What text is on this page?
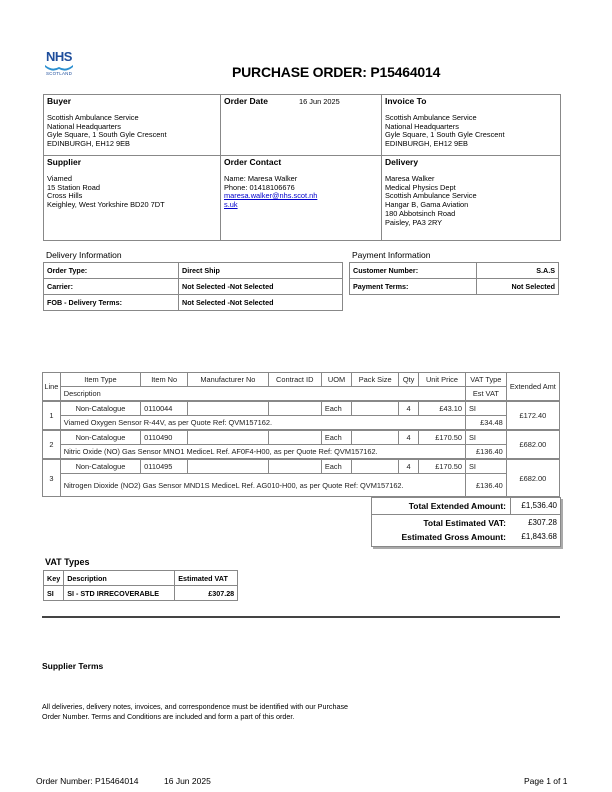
NHS
SCOTLAND	PURCHASE ORDER: P15464014
Buyer
Scottish Ambulance Service
National Headquarters
Gyle Square, 1 South Gyle Crescent
EDINBURGH, EH12 9EB
Order Date	16 Jun 2025	Invoice To
Scottish Ambulance Service
National Headquarters
Gyle Square, 1 South Gyle Crescent
EDINBURGH, EH12 9EB
Supplier
Viamed
15 Station Road
Cross Hills
Keighley, West Yorkshire BD20 7DT
Order Contact
Name: Maresa Walker
Phone: 01418106676
maresa.walker@nhs.scot.nh
s.uk
Delivery
Maresa Walker
Medical Physics Dept
Scottish Ambulance Service
Hangar B, Gama Aviation
180 Abbotsinch Road
Paisley, PA3 2RY
Delivery Information
Order Type:	Direct Ship
Carrier:	Not Selected -Not Selected
FOB - Delivery Terms:	Not Selected -Not Selected
Payment Information
Customer Number:	S.A.S
Payment Terms:	Not Selected
Line	Item Type	Item No	Manufacturer No	Contract ID	UOM	Pack Size	Qty	Unit Price	VAT Type	Extended Amt
	Description								Est VAT	
1	Non-Catalogue	0110044			Each		4	£43.10	SI	£172.40
	Viamed Oxygen Sensor R-44V, as per Quote Ref: QVM157162.								£34.48	
2	Non-Catalogue	0110490			Each		4	£170.50	SI	£682.00
	Nitric Oxide (NO) Gas Sensor MNO1 MediceL Ref. AF0F4-H00, as per Quote Ref: QVM157162.								£136.40	
3	Non-Catalogue	0110495			Each		4	£170.50	SI	£682.00
	Nitrogen Dioxide (NO2) Gas Sensor MND1S MediceL Ref. AG010-H00, as per Quote Ref: QVM157162.								£136.40	
Total Extended Amount:	£1,536.40
Total Estimated VAT:	£307.28
Estimated Gross Amount:	£1,843.68
VAT Types
Key	Description	Estimated VAT
SI	SI - STD IRRECOVERABLE	£307.28
Supplier Terms
All deliveries, delivery notes, invoices, and correspondence must be identified with our Purchase
Order Number. Terms and Conditions are included and form a part of this order.
Order Number: P15464014	16 Jun 2025	Page 1 of 1
